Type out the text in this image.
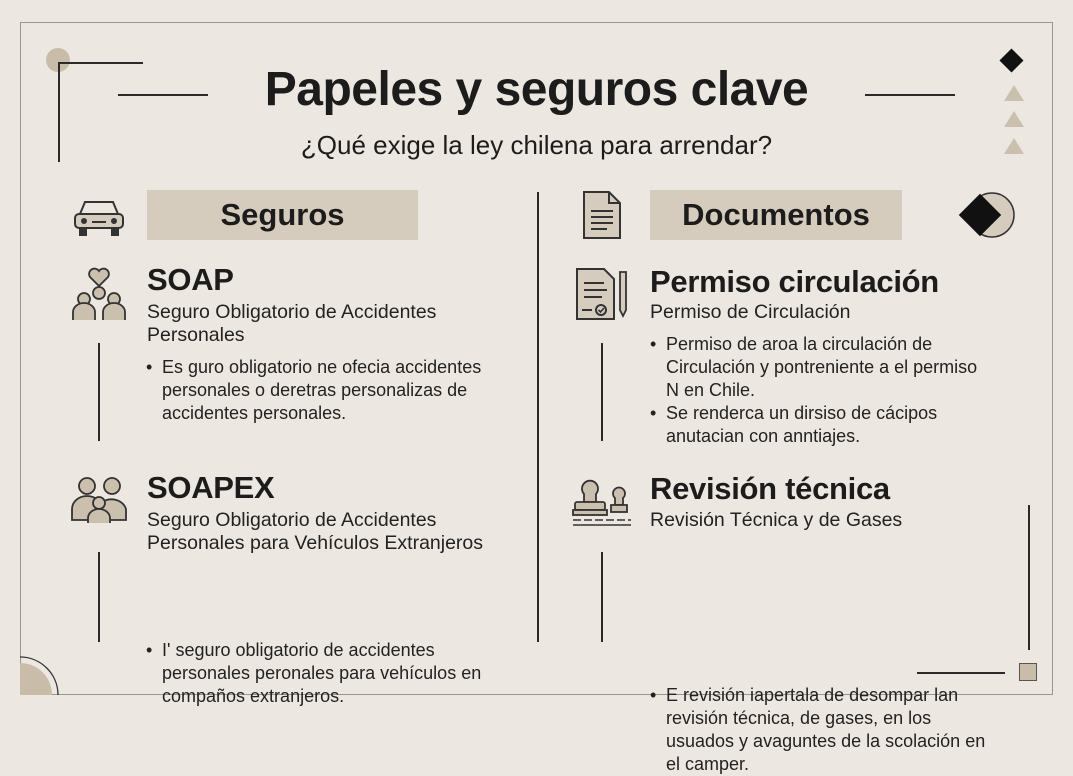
Papeles y seguros clave
¿Qué exige la ley chilena para arrendar?
Seguros	Documentos
SOAP
Seguro Obligatorio de Accidentes Personales
• Es guro obligatorio ne ofecia accidentes personales o deretras personalizas de accidentes personales.
SOAPEX
Seguro Obligatorio de Accidentes Personales para Vehículos Extranjeros
• I' seguro obligatorio de accidentes personales peronales para vehículos en compaños extranjeros.
Permiso circulación
Permiso de Circulación
• Permiso de aroa la circulación de Circulación y pontreniente a el permiso N en Chile.
• Se renderca un dirsiso de cácipos anutacian con anntiajes.
Revisión técnica
Revisión Técnica y de Gases
• E revisión iapertala de desompar lan revisión técnica, de gases, en los usuados y avaguntes de la scolación en el camper.
